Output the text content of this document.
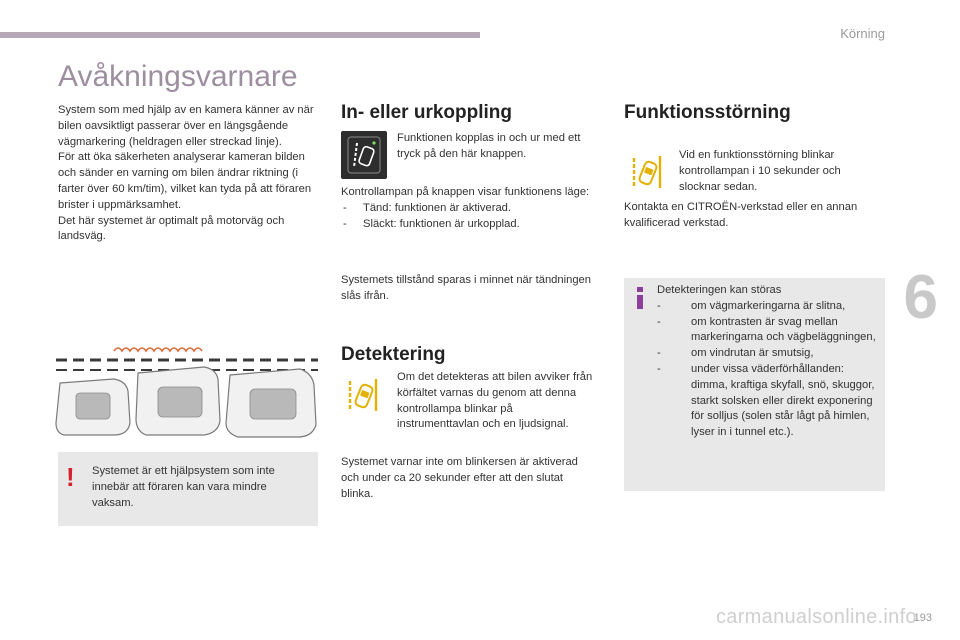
Körning
6
193
carmanualsonline.info
Avåkningsvarnare

System som med hjälp av en kamera känner av när bilen oavsiktligt passerar över en längsgående vägmarkering (heldragen eller streckad linje).

För att öka säkerheten analyserar kameran bilden och sänder en varning om bilen ändrar riktning (i farter över 60 km/tim), vilket kan tyda på att föraren brister i uppmärksamhet.

Det här systemet är optimalt på motorväg och landsväg.

! Systemet är ett hjälpsystem som inte innebär att föraren kan vara mindre vaksam.
In- eller urkoppling
Funktionen kopplas in och ur med ett tryck på den här knappen.

Kontrollampan på knappen visar funktionens läge:

- Tänd: funktionen är aktiverad.
- Släckt: funktionen är urkopplad.
Systemets tillstånd sparas i minnet när tändningen slås ifrån.
Detektering
Om det detekteras att bilen avviker från körfältet varnas du genom att denna kontrollampa blinkar på instrumenttavlan och en ljudsignal.
Systemet varnar inte om blinkersen är aktiverad och under ca 20 sekunder efter att den slutat blinka.
Funktionsstörning
Vid en funktionsstörning blinkar kontrollampan i 10 sekunder och slocknar sedan.
Kontakta en CITROËN-verkstad eller en annan kvalificerad verkstad.

Detekteringen kan störas

- om vägmarkeringarna är slitna,
- om kontrasten är svag mellan markeringarna och vägbeläggningen,
- om vindrutan är smutsig,
- under vissa väderförhållanden: dimma, kraftiga skyfall, snö, skuggor, starkt solsken eller direkt exponering för solljus (solen står lågt på himlen, lyser in i tunnel etc.).
